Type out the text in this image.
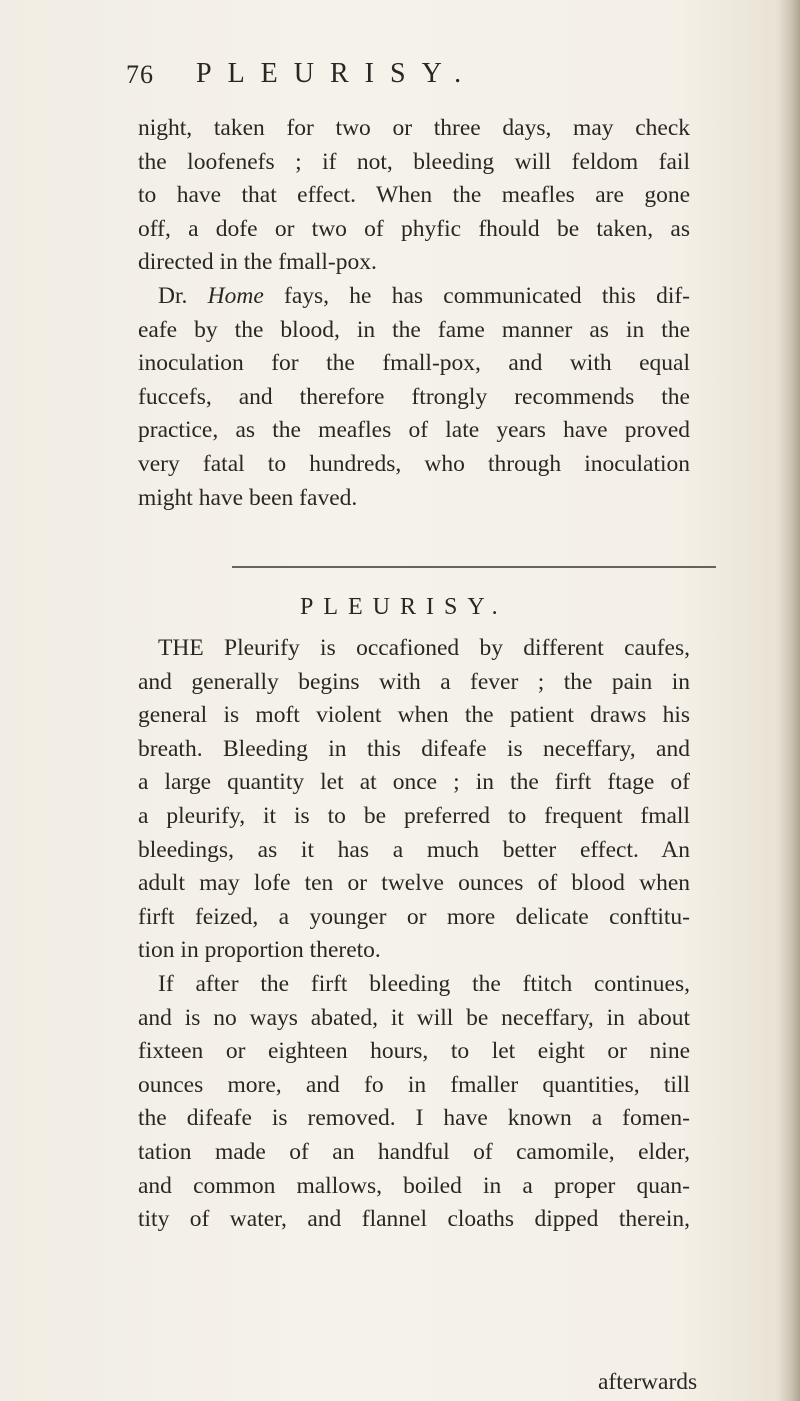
76 PLEURISY.
night, taken for two or three days, may check
the loofenefs ; if not, bleeding will feldom fail
to have that effect. When the meafles are gone
off, a dofe or two of phyfic fhould be taken, as
directed in the fmall-pox.
Dr. Home fays, he has communicated this dif-
eafe by the blood, in the fame manner as in the
inoculation for the fmall-pox, and with equal
fuccefs, and therefore ftrongly recommends the
practice, as the meafles of late years have proved
very fatal to hundreds, who through inoculation
might have been faved.
PLEURISY.
THE Pleurify is occafioned by different caufes,
and generally begins with a fever ; the pain in
general is moft violent when the patient draws his
breath. Bleeding in this difeafe is neceffary, and
a large quantity let at once ; in the firft ftage of
a pleurify, it is to be preferred to frequent fmall
bleedings, as it has a much better effect. An
adult may lofe ten or twelve ounces of blood when
firft feized, a younger or more delicate conftitu-
tion in proportion thereto.
If after the firft bleeding the ftitch continues,
and is no ways abated, it will be neceffary, in about
fixteen or eighteen hours, to let eight or nine
ounces more, and fo in fmaller quantities, till
the difeafe is removed. I have known a fomen-
tation made of an handful of camomile, elder,
and common mallows, boiled in a proper quan-
tity of water, and flannel cloaths dipped therein,
afterwards
